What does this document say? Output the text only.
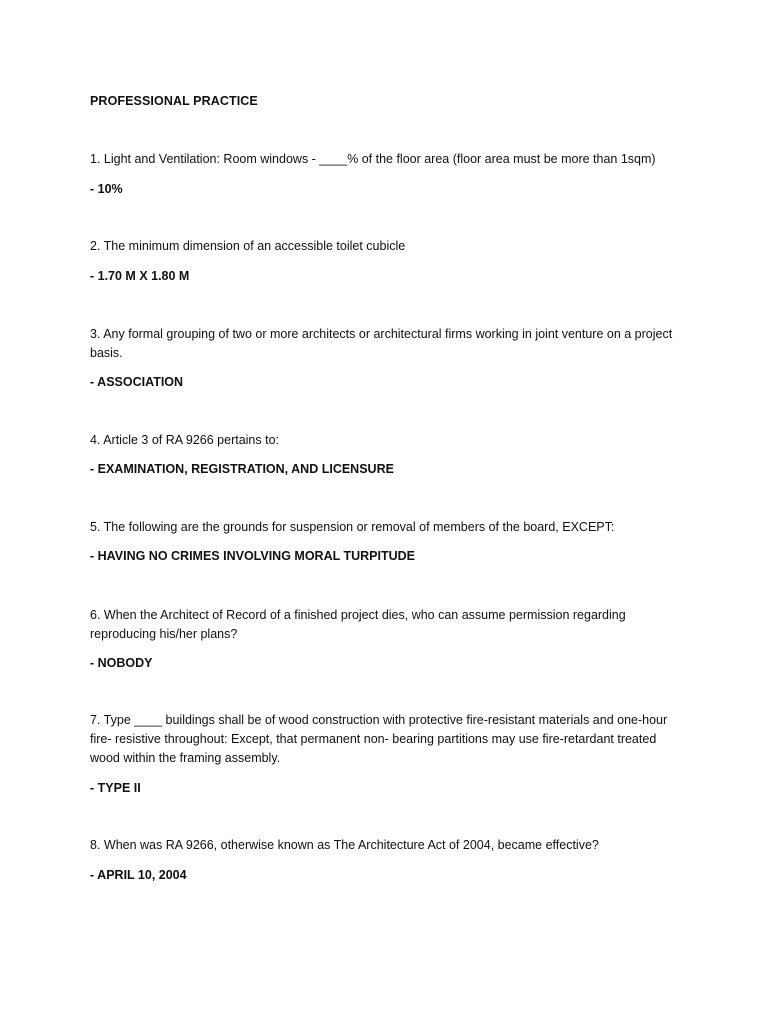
PROFESSIONAL PRACTICE

1. Light and Ventilation: Room windows - ____% of the floor area (floor area must be more than 1sqm)

- 10%

2. The minimum dimension of an accessible toilet cubicle

- 1.70 M X 1.80 M

3. Any formal grouping of two or more architects or architectural firms working in joint venture on a project basis.

- ASSOCIATION

4. Article 3 of RA 9266 pertains to:

- EXAMINATION, REGISTRATION, AND LICENSURE

5. The following are the grounds for suspension or removal of members of the board, EXCEPT:

- HAVING NO CRIMES INVOLVING MORAL TURPITUDE

6. When the Architect of Record of a finished project dies, who can assume permission regarding reproducing his/her plans?

- NOBODY

7. Type ____ buildings shall be of wood construction with protective fire-resistant materials and one-hour fire- resistive throughout: Except, that permanent non- bearing partitions may use fire-retardant treated wood within the framing assembly.

- TYPE II

8. When was RA 9266, otherwise known as The Architecture Act of 2004, became effective?

- APRIL 10, 2004
